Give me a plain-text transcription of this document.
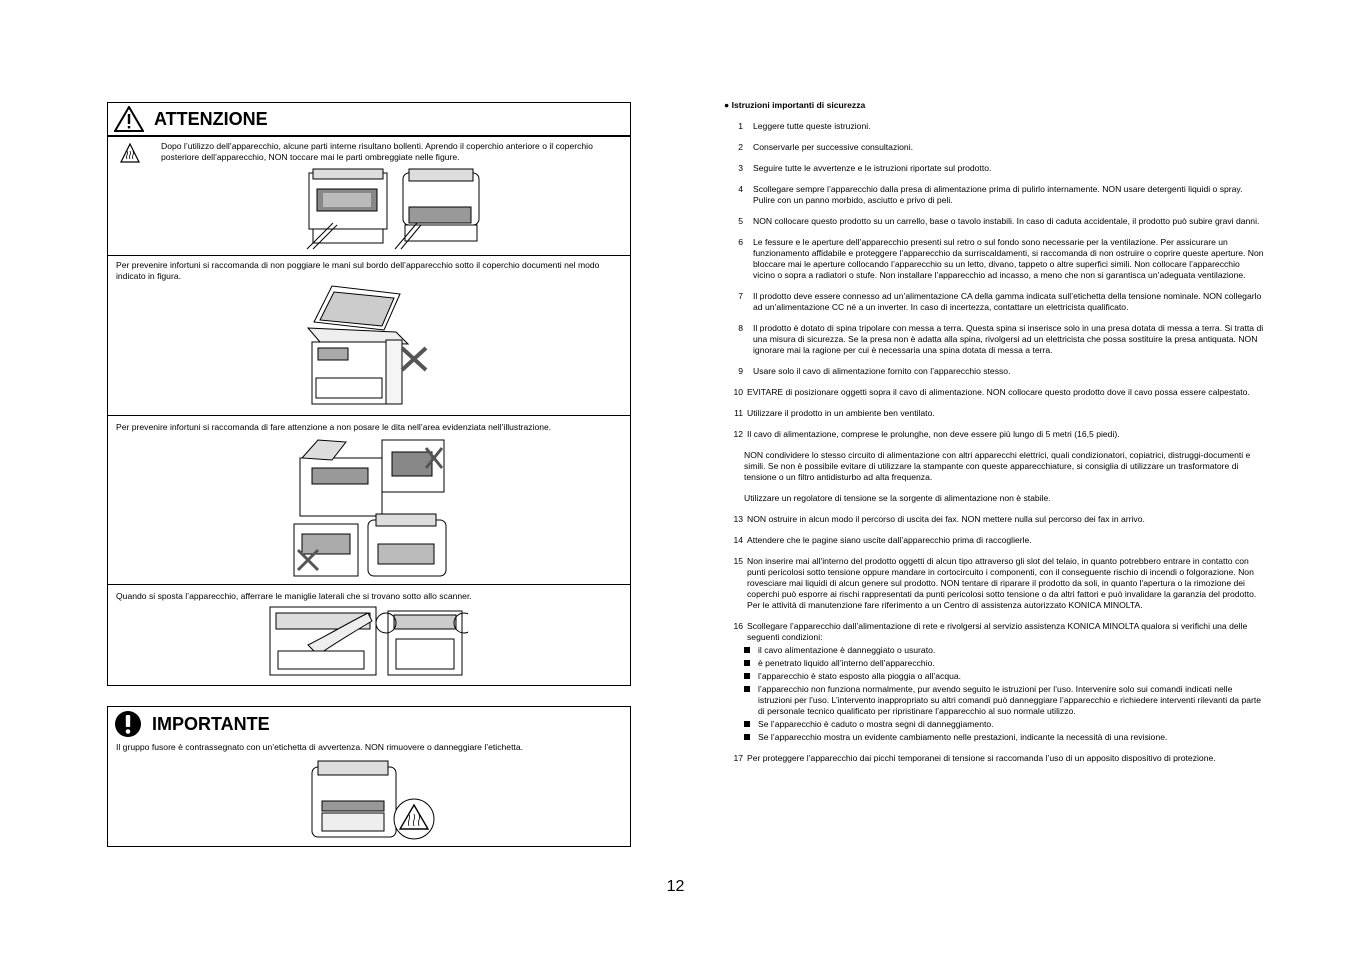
ATTENZIONE
Dopo l’utilizzo dell’apparecchio, alcune parti interne risultano bollenti. Aprendo il coperchio anteriore o il coperchio posteriore dell’apparecchio, NON toccare mai le parti ombreggiate nelle figure.
Per prevenire infortuni si raccomanda di non poggiare le mani sul bordo dell’apparecchio sotto il coperchio documenti nel modo indicato in figura.
Per prevenire infortuni si raccomanda di fare attenzione a non posare le dita nell’area evidenziata nell’illustrazione.
Quando si sposta l’apparecchio, afferrare le maniglie laterali che si trovano sotto allo scanner.
IMPORTANTE
Il gruppo fusore è contrassegnato con un’etichetta di avvertenza. NON rimuovere o danneggiare l’etichetta.
● Istruzioni importanti di sicurezza
1 Leggere tutte queste istruzioni.
2 Conservarle per successive consultazioni.
3 Seguire tutte le avvertenze e le istruzioni riportate sul prodotto.
4 Scollegare sempre l’apparecchio dalla presa di alimentazione prima di pulirlo internamente. NON usare detergenti liquidi o spray. Pulire con un panno morbido, asciutto e privo di peli.
5 NON collocare questo prodotto su un carrello, base o tavolo instabili. In caso di caduta accidentale, il prodotto può subire gravi danni.
6 Le fessure e le aperture dell’apparecchio presenti sul retro o sul fondo sono necessarie per la ventilazione. Per assicurare un funzionamento affidabile e proteggere l’apparecchio da surriscaldamenti, si raccomanda di non ostruire o coprire queste aperture. Non bloccare mai le aperture collocando l’apparecchio su un letto, divano, tappeto o altre superfici simili. Non collocare l’apparecchio vicino o sopra a radiatori o stufe. Non installare l’apparecchio ad incasso, a meno che non si garantisca un’adeguata ventilazione.
7 Il prodotto deve essere connesso ad un’alimentazione CA della gamma indicata sull’etichetta della tensione nominale. NON collegarlo ad un’alimentazione CC né a un inverter. In caso di incertezza, contattare un elettricista qualificato.
8 Il prodotto è dotato di spina tripolare con messa a terra. Questa spina si inserisce solo in una presa dotata di messa a terra. Si tratta di una misura di sicurezza. Se la presa non è adatta alla spina, rivolgersi ad un elettricista che possa sostituire la presa antiquata. NON ignorare mai la ragione per cui è necessaria una spina dotata di messa a terra.
9 Usare solo il cavo di alimentazione fornito con l’apparecchio stesso.
10 EVITARE di posizionare oggetti sopra il cavo di alimentazione. NON collocare questo prodotto dove il cavo possa essere calpestato.
11 Utilizzare il prodotto in un ambiente ben ventilato.
12 Il cavo di alimentazione, comprese le prolunghe, non deve essere più lungo di 5 metri (16,5 piedi).
NON condividere lo stesso circuito di alimentazione con altri apparecchi elettrici, quali condizionatori, copiatrici, distruggi-documenti e simili. Se non è possibile evitare di utilizzare la stampante con queste apparecchiature, si consiglia di utilizzare un trasformatore di tensione o un filtro antidisturbo ad alta frequenza.
Utilizzare un regolatore di tensione se la sorgente di alimentazione non è stabile.
13 NON ostruire in alcun modo il percorso di uscita dei fax. NON mettere nulla sul percorso dei fax in arrivo.
14 Attendere che le pagine siano uscite dall’apparecchio prima di raccoglierle.
15 Non inserire mai all'interno del prodotto oggetti di alcun tipo attraverso gli slot del telaio, in quanto potrebbero entrare in contatto con punti pericolosi sotto tensione oppure mandare in cortocircuito i componenti, con il conseguente rischio di incendi o folgorazione. Non rovesciare mai liquidi di alcun genere sul prodotto. NON tentare di riparare il prodotto da soli, in quanto l'apertura o la rimozione dei coperchi può esporre ai rischi rappresentati da punti pericolosi sotto tensione o da altri fattori e può invalidare la garanzia del prodotto. Per le attività di manutenzione fare riferimento a un Centro di assistenza autorizzato KONICA MINOLTA.
16 Scollegare l’apparecchio dall’alimentazione di rete e rivolgersi al servizio assistenza KONICA MINOLTA qualora si verifichi una delle seguenti condizioni:
il cavo alimentazione è danneggiato o usurato.
è penetrato liquido all’interno dell’apparecchio.
l’apparecchio è stato esposto alla pioggia o all’acqua.
l’apparecchio non funziona normalmente, pur avendo seguito le istruzioni per l’uso. Intervenire solo sui comandi indicati nelle istruzioni per l’uso. L’intervento inappropriato su altri comandi può danneggiare l’apparecchio e richiedere interventi rilevanti da parte di personale tecnico qualificato per ripristinare l’apparecchio al suo normale utilizzo.
Se l’apparecchio è caduto o mostra segni di danneggiamento.
Se l’apparecchio mostra un evidente cambiamento nelle prestazioni, indicante la necessità di una revisione.
17 Per proteggere l’apparecchio dai picchi temporanei di tensione si raccomanda l’uso di un apposito dispositivo di protezione.
12
